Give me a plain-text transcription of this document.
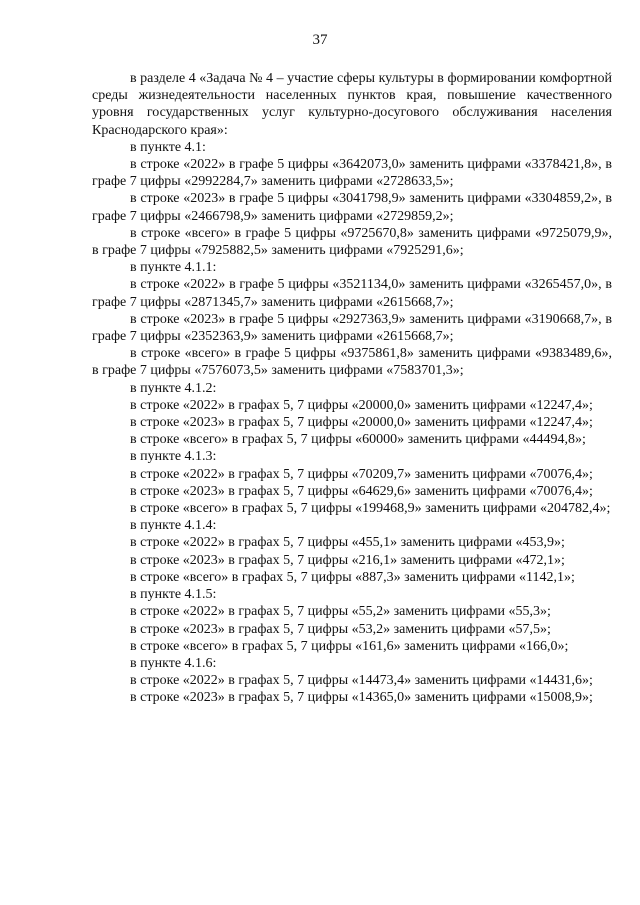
37

в разделе 4 «Задача № 4 – участие сферы культуры в формировании комфортной среды жизнедеятельности населенных пунктов края, повышение качественного уровня государственных услуг культурно-досугового обслуживания населения Краснодарского края»:

в пункте 4.1:

в строке «2022» в графе 5 цифры «3642073,0» заменить цифрами «3378421,8», в графе 7 цифры «2992284,7» заменить цифрами «2728633,5»;

в строке «2023» в графе 5 цифры «3041798,9» заменить цифрами «3304859,2», в графе 7 цифры «2466798,9» заменить цифрами «2729859,2»;

в строке «всего» в графе 5 цифры «9725670,8» заменить цифрами «9725079,9», в графе 7 цифры «7925882,5» заменить цифрами «7925291,6»;

в пункте 4.1.1:

в строке «2022» в графе 5 цифры «3521134,0» заменить цифрами «3265457,0», в графе 7 цифры «2871345,7» заменить цифрами «2615668,7»;

в строке «2023» в графе 5 цифры «2927363,9» заменить цифрами «3190668,7», в графе 7 цифры «2352363,9» заменить цифрами «2615668,7»;

в строке «всего» в графе 5 цифры «9375861,8» заменить цифрами «9383489,6», в графе 7 цифры «7576073,5» заменить цифрами «7583701,3»;

в пункте 4.1.2:

в строке «2022» в графах 5, 7 цифры «20000,0» заменить цифрами «12247,4»;

в строке «2023» в графах 5, 7 цифры «20000,0» заменить цифрами «12247,4»;

в строке «всего» в графах 5, 7 цифры «60000» заменить цифрами «44494,8»;

в пункте 4.1.3:

в строке «2022» в графах 5, 7 цифры «70209,7» заменить цифрами «70076,4»;

в строке «2023» в графах 5, 7 цифры «64629,6» заменить цифрами «70076,4»;

в строке «всего» в графах 5, 7 цифры «199468,9» заменить цифрами «204782,4»;

в пункте 4.1.4:

в строке «2022» в графах 5, 7 цифры «455,1» заменить цифрами «453,9»;

в строке «2023» в графах 5, 7 цифры «216,1» заменить цифрами «472,1»;

в строке «всего» в графах 5, 7 цифры «887,3» заменить цифрами «1142,1»;

в пункте 4.1.5:

в строке «2022» в графах 5, 7 цифры «55,2» заменить цифрами «55,3»;

в строке «2023» в графах 5, 7 цифры «53,2» заменить цифрами «57,5»;

в строке «всего» в графах 5, 7 цифры «161,6» заменить цифрами «166,0»;

в пункте 4.1.6:

в строке «2022» в графах 5, 7 цифры «14473,4» заменить цифрами «14431,6»;

в строке «2023» в графах 5, 7 цифры «14365,0» заменить цифрами «15008,9»;
